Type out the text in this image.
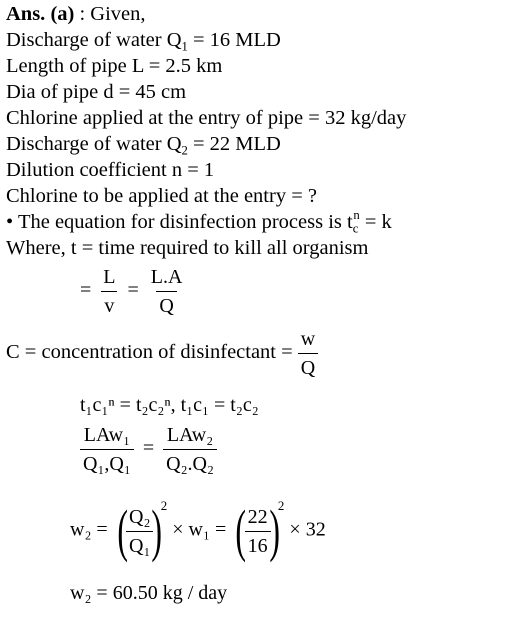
Ans. (a) : Given,
Discharge of water $Q_1 = 16$ MLD
Length of pipe L = 2.5 km
Dia of pipe d = 45 cm
Chlorine applied at the entry of pipe = 32 kg/day
Discharge of water $Q_2 = 22$ MLD
Dilution coefficient n = 1
Chlorine to be applied at the entry = ?
• The equation for disinfection process is $t_c^n = k$
Where, t = time required to kill all organism
= $\frac{L}{v} = \frac{L.A}{Q}$
C = concentration of disinfectant = $\frac{w}{Q}$
t₁c₁ⁿ = t₂c₂ⁿ, t₁c₁ = t₂c₂
$\frac{\text{LAw₁}}{\text{Q₁,Q₁}} = \frac{\text{LAw₂}}{\text{Q₂.Q₂}}$
w₂ = (
$\frac{\text{Q₂}}{\text{Q₁}}$
)$^2$ × w₁ = (
$\frac{22}{16}$
)$^2$ × 32
w₂ = 60.50 kg / day
